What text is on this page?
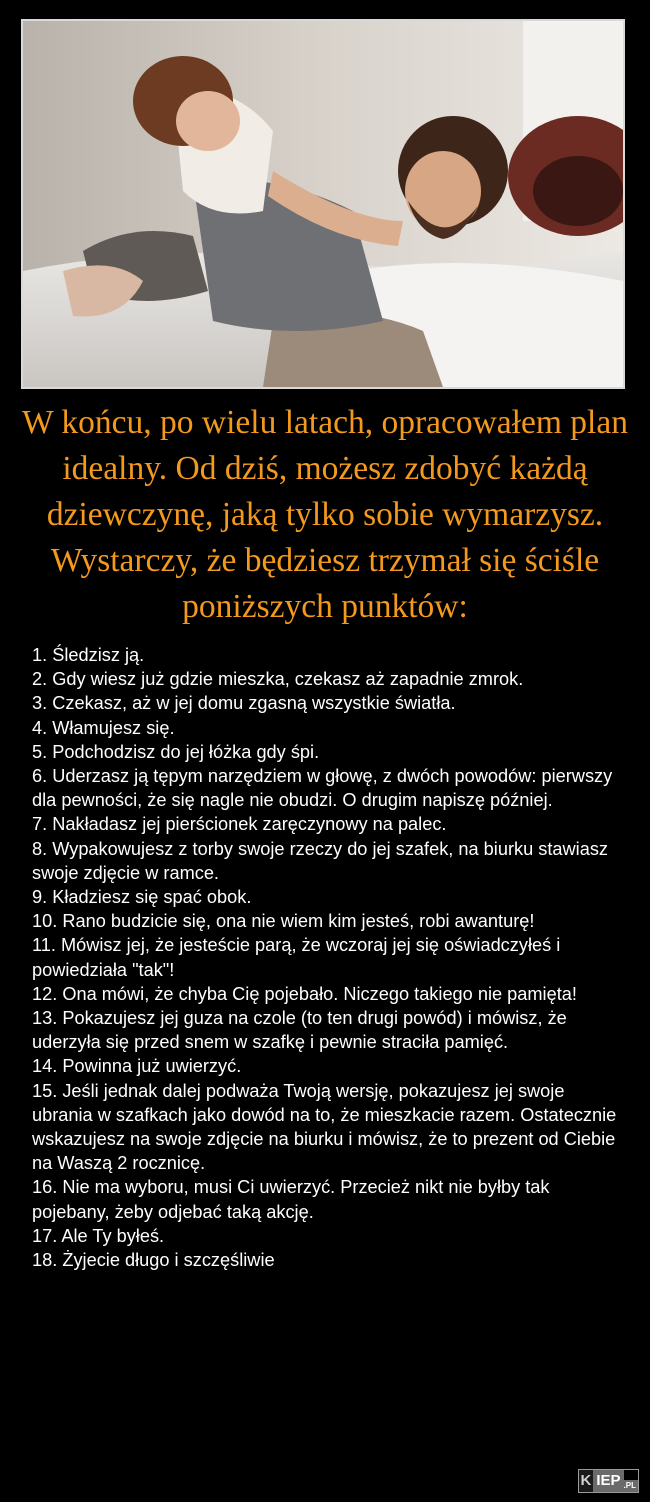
W końcu, po wielu latach, opracowałem plan idealny. Od dziś, możesz zdobyć każdą dziewczynę, jaką tylko sobie wymarzysz. Wystarczy, że będziesz trzymał się ściśle poniższych punktów:
1. Śledzisz ją.
2. Gdy wiesz już gdzie mieszka, czekasz aż zapadnie zmrok.
3. Czekasz, aż w jej domu zgasną wszystkie światła.
4. Włamujesz się.
5. Podchodzisz do jej łóżka gdy śpi.
6. Uderzasz ją tępym narzędziem w głowę, z dwóch powodów: pierwszy dla pewności, że się nagle nie obudzi. O drugim napiszę później.
7. Nakładasz jej pierścionek zaręczynowy na palec.
8. Wypakowujesz z torby swoje rzeczy do jej szafek, na biurku stawiasz swoje zdjęcie w ramce.
9. Kładziesz się spać obok.
10. Rano budzicie się, ona nie wiem kim jesteś, robi awanturę!
11. Mówisz jej, że jesteście parą, że wczoraj jej się oświadczyłeś i powiedziała "tak"!
12. Ona mówi, że chyba Cię pojebało. Niczego takiego nie pamięta!
13. Pokazujesz jej guza na czole (to ten drugi powód) i mówisz, że uderzyła się przed snem w szafkę i pewnie straciła pamięć.
14. Powinna już uwierzyć.
15. Jeśli jednak dalej podważa Twoją wersję, pokazujesz jej swoje ubrania w szafkach jako dowód na to, że mieszkacie razem. Ostatecznie wskazujesz na swoje zdjęcie na biurku i mówisz, że to prezent od Ciebie na Waszą 2 rocznicę.
16. Nie ma wyboru, musi Ci uwierzyć. Przecież nikt nie byłby tak pojebany, żeby odjebać taką akcję.
17. Ale Ty byłeś.
18. Żyjecie długo i szczęśliwie
K IEP .PL
